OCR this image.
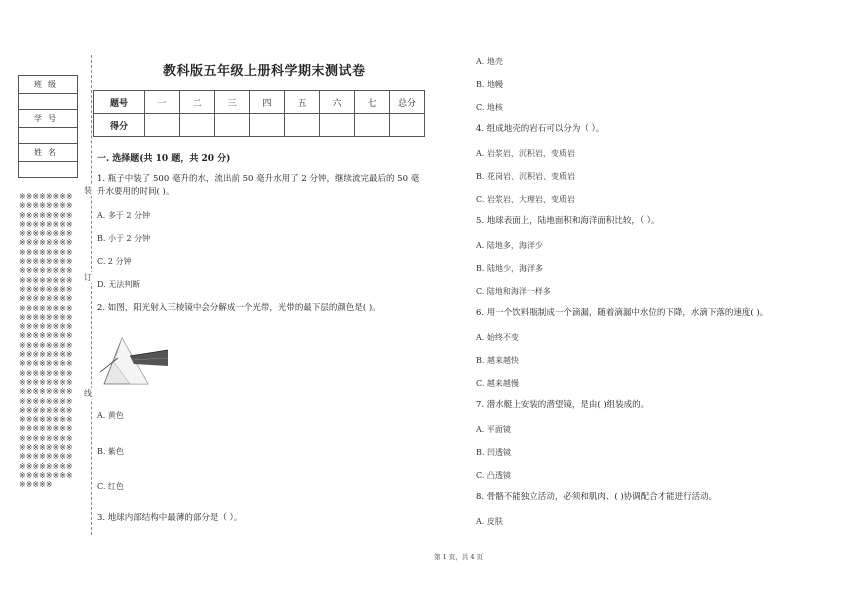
班级

学号

姓名

※※※※※※※※※※※※※※※※※※※※※※※※※※※※※※※※※※※※※※※※※※※※※※※※※※※※※※※※※※※※※※※※※※※※※※※※※※※※※※※※※※※※※※※※※※※※※※※※※※※※※※※※※※※※※※※※※※※※※※※※※※※※※※※※※※※※※※※※※※※※※※※※※※※※※※※※※※※※※※※※※※※※※※※※※※※※※※※※※※※※※※※※※※※※※※※※※※※※※※※※※※※※※※※※※※※※※※※※※※※※※※※※※※※※※※※※※※※※※※※※※※※※※※※※※※※※※
装
订
线
教科版五年级上册科学期末测试卷
题号	一	二	三	四	五	六	七	总分
得分								
一. 选择题(共 10 题，共 20 分)
1. 瓶子中装了 500 毫升的水，流出前 50 毫升水用了 2 分钟，继续流完最后的 50 毫
升水要用的时间( )。
A. 多于 2 分钟
B. 小于 2 分钟
C. 2 分钟
D. 无法判断
2. 如图，阳光射入三棱镜中会分解成一个光带，光带的最下层的颜色是( )。
A. 黄色
B. 紫色
C. 红色
3. 地球内部结构中最薄的部分是（ ）。
A. 地壳
B. 地幔
C. 地核
4. 组成地壳的岩石可以分为（ ）。
A. 岩浆岩、沉积岩、变质岩
B. 花岗岩、沉积岩、变质岩
C. 岩浆岩、大理岩、变质岩
5. 地球表面上，陆地面积和海洋面积比较，（ ）。
A. 陆地多，海洋少
B. 陆地少，海洋多
C. 陆地和海洋一样多
6. 用一个饮料瓶制成一个滴漏，随着滴漏中水位的下降，水滴下落的速度( )。
A. 始终不变
B. 越来越快
C. 越来越慢
7. 潜水艇上安装的潜望镜，是由( )组装成的。
A. 平面镜
B. 凹透镜
C. 凸透镜
8. 骨骼不能独立活动，必须和肌肉、( )协调配合才能进行活动。
A. 皮肤
第 1 页，共 4 页
